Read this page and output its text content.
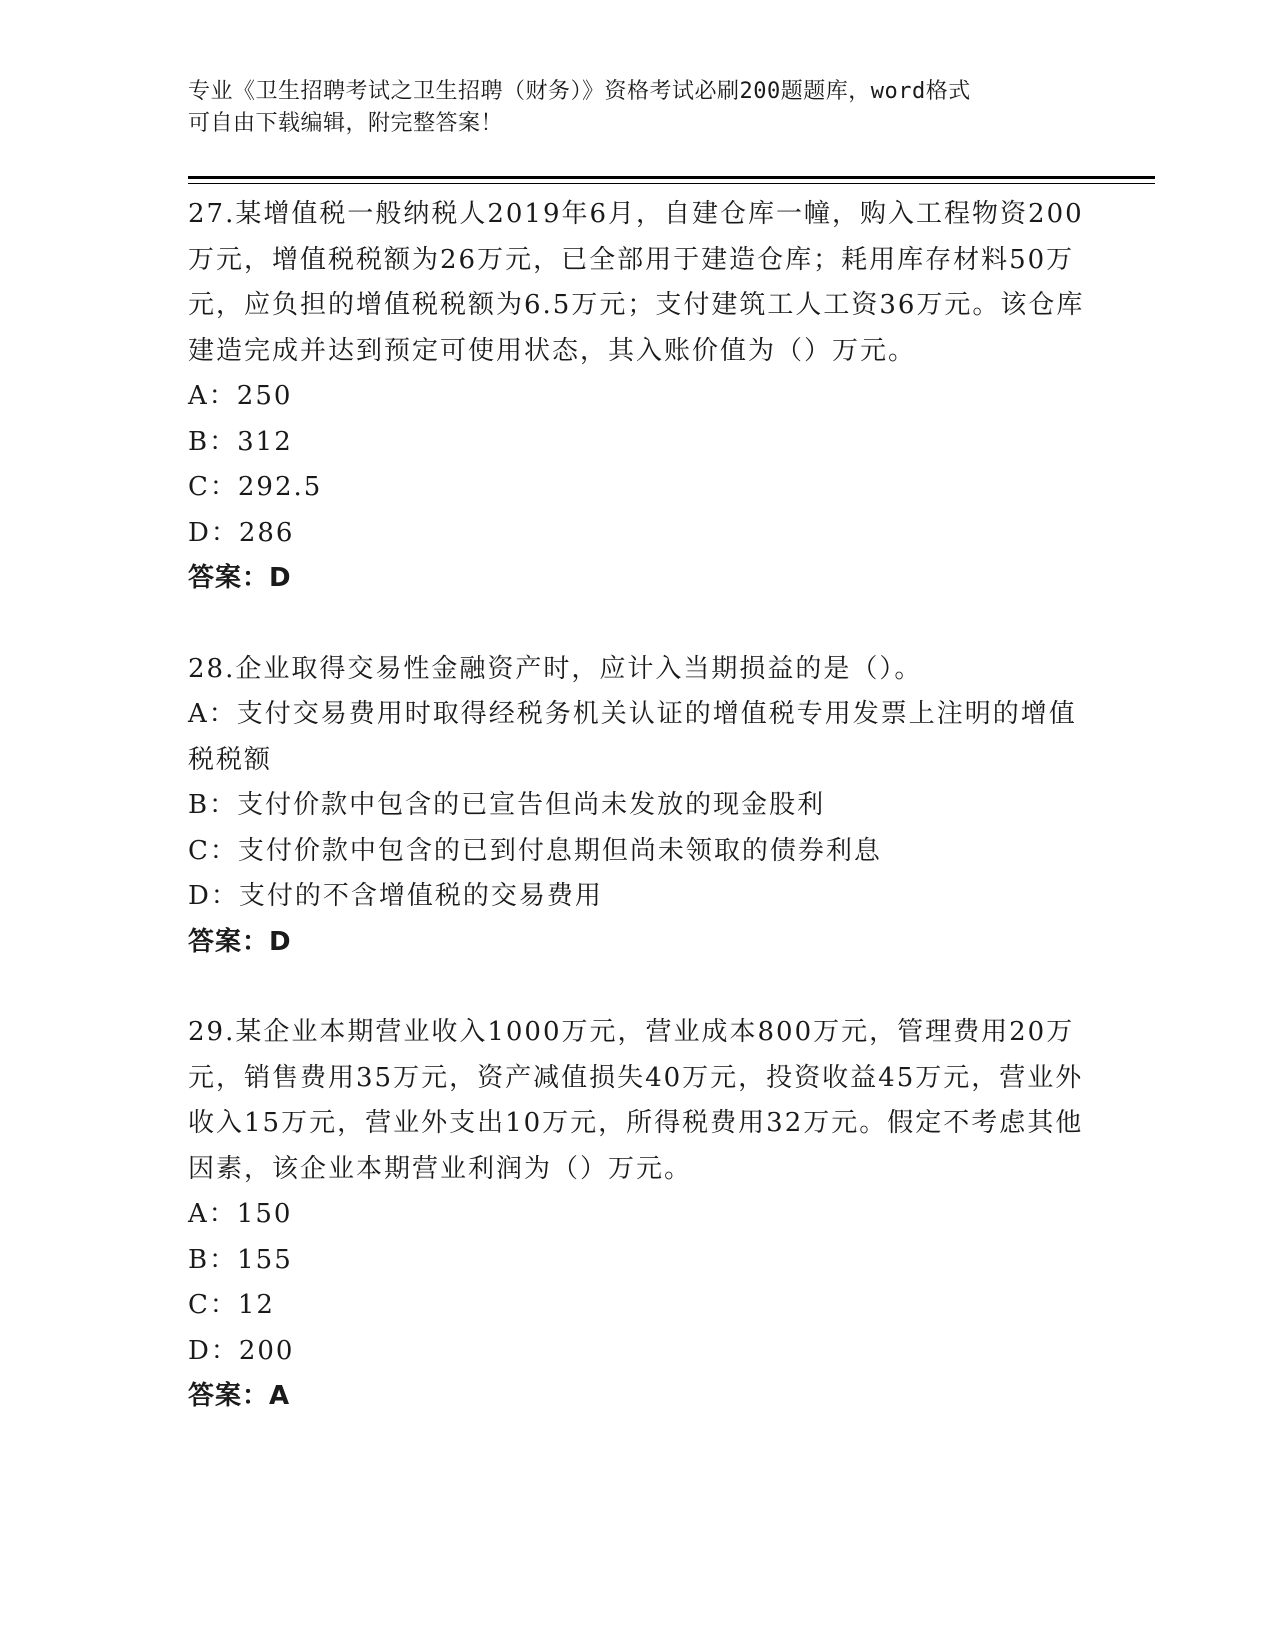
专业《卫生招聘考试之卫生招聘（财务）》资格考试必刷200题题库，word格式
可自由下载编辑，附完整答案！

27.某增值税一般纳税人2019年6月，自建仓库一幢，购入工程物资200万元，增值税税额为26万元，已全部用于建造仓库；耗用库存材料50万元，应负担的增值税税额为6.5万元；支付建筑工人工资36万元。该仓库建造完成并达到预定可使用状态，其入账价值为（）万元。

A：250

B：312

C：292.5

D：286

答案：D

28.企业取得交易性金融资产时，应计入当期损益的是（）。

A：支付交易费用时取得经税务机关认证的增值税专用发票上注明的增值税税额

B：支付价款中包含的已宣告但尚未发放的现金股利

C：支付价款中包含的已到付息期但尚未领取的债券利息

D：支付的不含增值税的交易费用

答案：D

29.某企业本期营业收入1000万元，营业成本800万元，管理费用20万元，销售费用35万元，资产减值损失40万元，投资收益45万元，营业外收入15万元，营业外支出10万元，所得税费用32万元。假定不考虑其他因素，该企业本期营业利润为（）万元。

A：150

B：155

C：12

D：200

答案：A
